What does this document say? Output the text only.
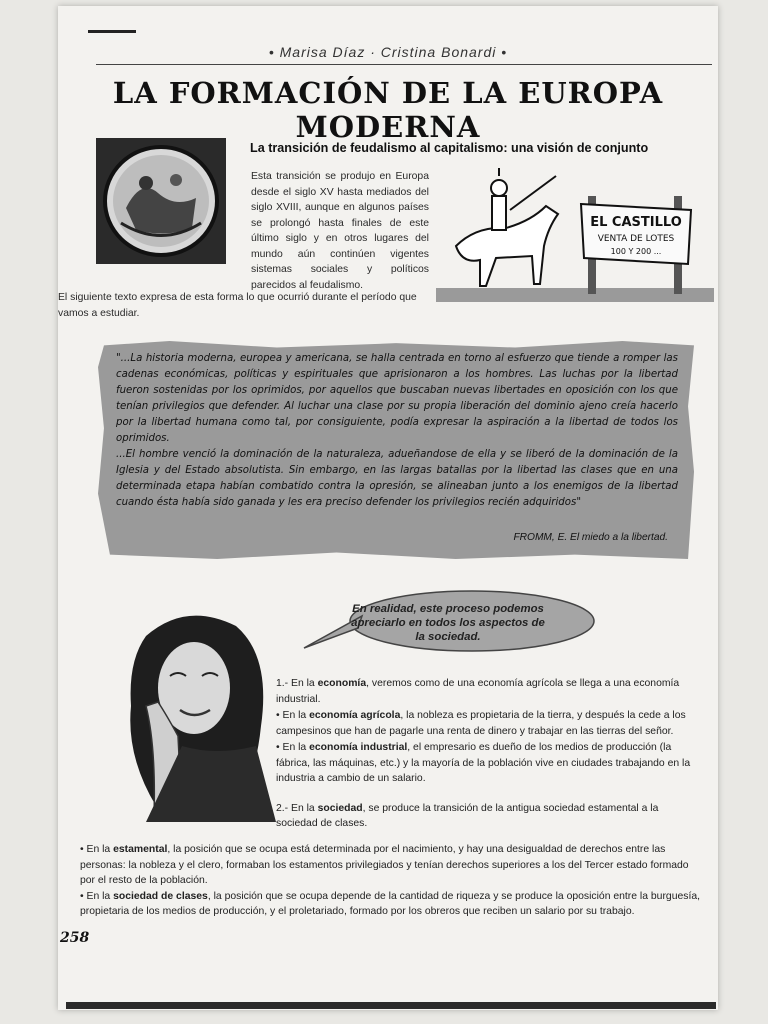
• Marisa Díaz · Cristina Bonardi •
LA FORMACIÓN DE LA EUROPA MODERNA
La transición de feudalismo al capitalismo: una visión de conjunto
Esta transición se produjo en Europa desde el siglo XV hasta mediados del siglo XVIII, aunque en algunos países se prolongó hasta finales de este último siglo y en otros lugares del mundo aún continúen vigentes sistemas sociales y políticos parecidos al feudalismo.
El siguiente texto expresa de esta forma lo que ocurrió durante el período que vamos a estudiar.
EL CASTILLO
VENTA DE LOTES
100 Y 200 ...

"...La historia moderna, europea y americana, se halla centrada en torno al esfuerzo que tiende a romper las cadenas económicas, políticas y espirituales que aprisionaron a los hombres. Las luchas por la libertad fueron sostenidas por los oprimidos, por aquellos que buscaban nuevas libertades en oposición con los que tenían privilegios que defender. Al luchar una clase por su propia liberación del dominio ajeno creía hacerlo por la libertad humana como tal, por consiguiente, podía expresar la aspiración a la libertad de todos los oprimidos.

...El hombre venció la dominación de la naturaleza, adueñandose de ella y se liberó de la dominación de la Iglesia y del Estado absolutista. Sin embargo, en las largas batallas por la libertad las clases que en una determinada etapa habían combatido contra la opresión, se alineaban junto a los enemigos de la libertad cuando ésta había sido ganada y les era preciso defender los privilegios recién adquiridos"

FROMM, E. El miedo a la libertad.
En realidad, este proceso podemos apreciarlo en todos los aspectos de la sociedad.

1.- En la economía, veremos como de una economía agrícola se llega a una economía industrial.

• En la economía agrícola, la nobleza es propietaria de la tierra, y después la cede a los campesinos que han de pagarle una renta de dinero y trabajar en las tierras del señor.

• En la economía industrial, el empresario es dueño de los medios de producción (la fábrica, las máquinas, etc.) y la mayoría de la población vive en ciudades trabajando en la industria a cambio de un salario.

2.- En la sociedad, se produce la transición de la antigua sociedad estamental a la sociedad de clases.

• En la estamental, la posición que se ocupa está determinada por el nacimiento, y hay una desigualdad de derechos entre las personas: la nobleza y el clero, formaban los estamentos privilegiados y tenían derechos superiores a los del Tercer estado formado por el resto de la población.

• En la sociedad de clases, la posición que se ocupa depende de la cantidad de riqueza y se produce la oposición entre la burguesía, propietaria de los medios de producción, y el proletariado, formado por los obreros que reciben un salario por su trabajo.

258
